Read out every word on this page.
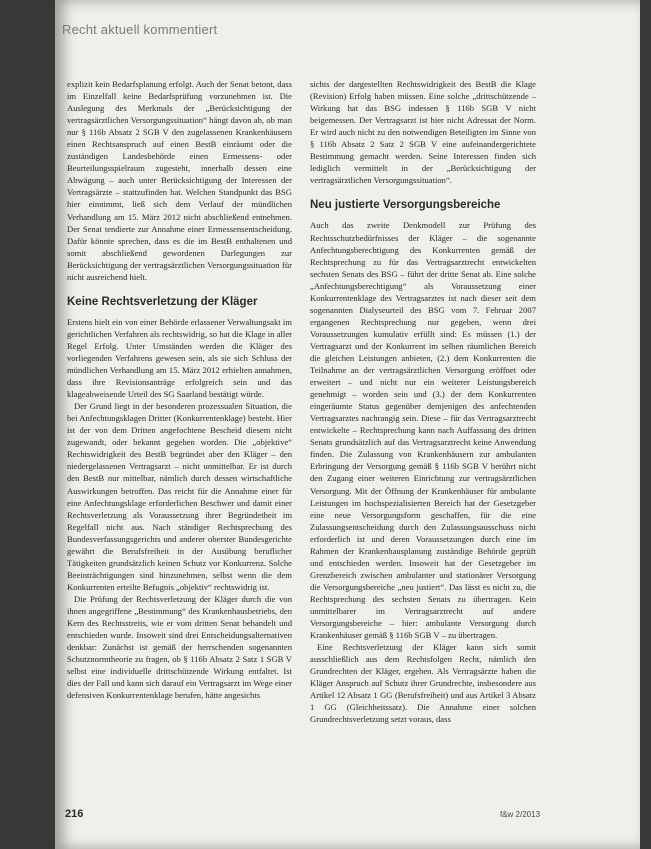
Recht aktuell kommentiert

explizit kein Bedarfsplanung erfolgt. Auch der Senat betont, dass im Einzelfall keine Bedarfsprüfung vorzunehmen ist. Die Auslegung des Merkmals der „Berücksichtigung der vertragsärztlichen Versorgungssituation“ hängt davon ab, ob man nur § 116b Absatz 2 SGB V den zugelassenen Krankenhäusern einen Rechtsanspruch auf einen BestB einräumt oder die zuständigen Landesbehörde einen Ermessens- oder Beurteilungsspielraum zugesteht, innerhalb dessen eine Abwägung – auch unter Berücksichtigung der Interessen der Vertragsärzte – stattzufinden hat. Welchen Standpunkt das BSG hier einnimmt, ließ sich dem Verlauf der mündlichen Verhandlung am 15. März 2012 nicht abschließend entnehmen. Der Senat tendierte zur Annahme einer Ermessensentscheidung. Dafür könnte sprechen, dass es die im BestB enthaltenen und somit abschließend gewordenen Darlegungen zur Berücksichtigung der vertragsärztlichen Versorgungssituation für nicht ausreichend hielt.

Keine Rechtsverletzung der Kläger

Erstens hielt ein von einer Behörde erlassener Verwaltungsakt im gerichtlichen Verfahren als rechtswidrig, so hat die Klage in aller Regel Erfolg. Unter Umständen werden die Kläger des vorliegenden Verfahrens gewesen sein, als sie sich Schluss der mündlichen Verhandlung am 15. März 2012 erhielten annahmen, dass ihre Revisionsanträge erfolgreich sein und das klageabweisende Urteil des SG Saarland bestätigt würde.

Der Grund liegt in der besonderen prozessualen Situation, die bei Anfechtungsklagen Dritter (Konkurrentenklage) besteht. Hier ist der von dem Dritten angefochtene Bescheid diesem nicht zugewandt, oder bekannt gegeben worden. Die „objektive“ Rechtswidrigkeit des BestB begründet aber den Kläger – den niedergelassenen Vertragsarzt – nicht unmittelbar. Er ist durch den BestB nur mittelbar, nämlich durch dessen wirtschaftliche Auswirkungen betroffen. Das reicht für die Annahme einer für eine Anfechtungsklage erforderlichen Beschwer und damit einer Rechtsverletzung als Voraussetzung ihrer Begründetheit im Regelfall nicht aus. Nach ständiger Rechtsprechung des Bundesverfassungsgerichts und anderer oberster Bundesgerichte gewährt die Berufsfreiheit in der Ausübung beruflicher Tätigkeiten grundsätzlich keinen Schutz vor Konkurrenz. Solche Beeinträchtigungen sind hinzunehmen, selbst wenn die dem Konkurrenten erteilte Befugnis „objektiv“ rechtswidrig ist.

Die Prüfung der Rechtsverletzung der Kläger durch die von ihnen angegriffene „Bestimmung“ des Krankenhausbetriebs, den Kern des Rechtsstreits, wie er vom dritten Senat behandelt und entschieden wurde. Insoweit sind drei Entscheidungsalternativen denkbar: Zunächst ist gemäß der herrschenden sogenannten Schutznormtheorie zu fragen, ob § 116b Absatz 2 Satz 1 SGB V selbst eine individuelle drittschützende Wirkung entfaltet. Ist dies der Fall und kann sich darauf ein Vertragsarzt im Wege einer defensiven Konkurrentenklage berufen, hätte angesichts

sichts der dargestellten Rechtswidrigkeit des BestB die Klage (Revision) Erfolg haben müssen. Eine solche „drittschützende – Wirkung hat das BSG indessen § 116b SGB V nicht beigemessen. Der Vertragsarzt ist hier nicht Adressat der Norm. Er wird auch nicht zu den notwendigen Beteiligten im Sinne von § 116b Absatz 2 Satz 2 SGB V eine aufeinandergerichtete Bestimmung gemacht werden. Seine Interessen finden sich lediglich vermittelt in der „Berücksichtigung der vertragsärztlichen Versorgungssituation“.

Neu justierte Versorgungsbereiche

Auch das zweite Denkmodell zur Prüfung des Rechtsschutzbedürfnisses der Kläger – die sogenannte Anfechtungsberechtigung des Konkurrenten gemäß der Rechtsprechung zu für das Vertragsarztrecht entwickelten sechsten Senats des BSG – führt der dritte Senat ab. Eine solche „Anfechtungsberechtigung“ als Voraussetzung einer Konkurrentenklage des Vertragsarztes ist nach dieser seit dem sogenannten Dialyseurteil des BSG vom 7. Februar 2007 ergangenen Rechtsprechung nur gegeben, wenn drei Voraussetzungen kumulativ erfüllt sind: Es müssen (1.) der Vertragsarzt und der Konkurrent im selben räumlichen Bereich die gleichen Leistungen anbieten, (2.) dem Konkurrenten die Teilnahme an der vertragsärztlichen Versorgung eröffnet oder erweitert – und nicht nur ein weiterer Leistungsbereich genehmigt – worden sein und (3.) der dem Konkurrenten eingeräumte Status gegenüber demjenigen des anfechtenden Vertragsarztes nachrangig sein. Diese – für das Vertragsarztrecht entwickelte – Rechtsprechung kann nach Auffassung des dritten Senats grundsätzlich auf das Vertragsarztrecht keine Anwendung finden. Die Zulassung von Krankenhäusern zur ambulanten Erbringung der Versorgung gemäß § 116b SGB V berührt nicht den Zugang einer weiteren Einrichtung zur vertragsärztlichen Versorgung. Mit der Öffnung der Krankenhäuser für ambulante Leistungen im hochspezialisierten Bereich hat der Gesetzgeber eine neue Versorgungsform geschaffen, für die eine Zulassungsentscheidung durch den Zulassungsausschuss nicht erforderlich ist und deren Voraussetzungen durch eine im Rahmen der Krankenhausplanung zuständige Behörde geprüft und entschieden werden. Insoweit hat der Gesetzgeber im Grenzbereich zwischen ambulanter und stationärer Versorgung die Versorgungsbereiche „neu justiert“. Das lässt es nicht zu, die Rechtsprechung des sechsten Senats zu übertragen. Kein unmittelbarer im Vertragsarztrecht auf andere Versorgungsbereiche – hier: ambulante Versorgung durch Krankenhäuser gemäß § 116b SGB V – zu übertragen.

Eine Rechtsverletzung der Kläger kann sich somit ausschließlich aus dem Rechtsfolgen Recht, nämlich den Grundrechten der Kläger, ergeben. Als Vertragsärzte haben die Kläger Anspruch auf Schutz ihrer Grundrechte, insbesondere aus Artikel 12 Absatz 1 GG (Berufsfreiheit) und aus Artikel 3 Absatz 1 GG (Gleichheitssatz). Die Annahme einer solchen Grundrechtsverletzung setzt voraus, dass

216	f&w 2/2013
